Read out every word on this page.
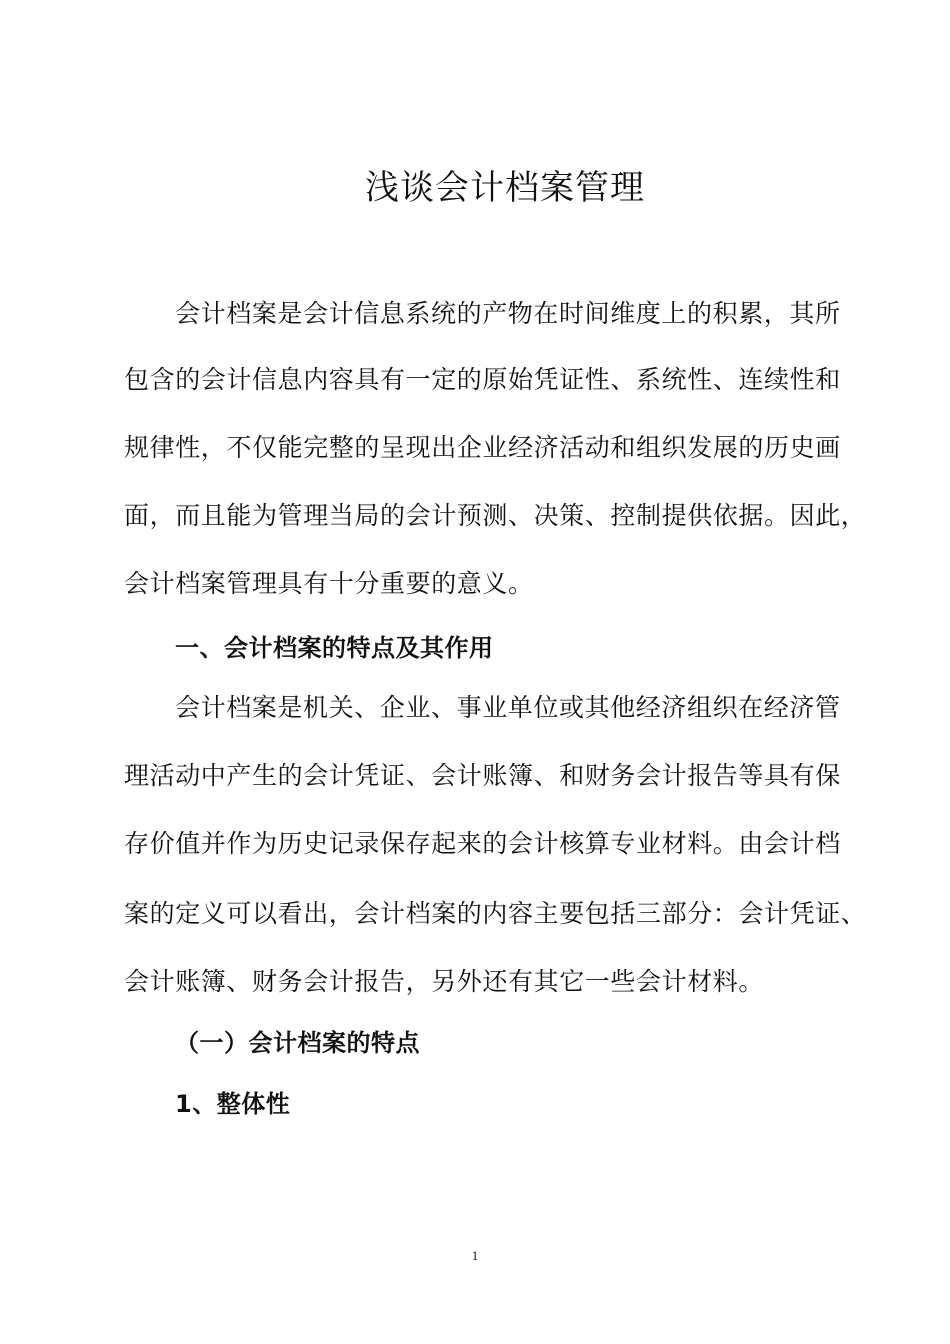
浅谈会计档案管理
会计档案是会计信息系统的产物在时间维度上的积累，其所
包含的会计信息内容具有一定的原始凭证性、系统性、连续性和
规律性，不仅能完整的呈现出企业经济活动和组织发展的历史画
面，而且能为管理当局的会计预测、决策、控制提供依据。因此，
会计档案管理具有十分重要的意义。
一、会计档案的特点及其作用
会计档案是机关、企业、事业单位或其他经济组织在经济管
理活动中产生的会计凭证、会计账簿、和财务会计报告等具有保
存价值并作为历史记录保存起来的会计核算专业材料。由会计档
案的定义可以看出，会计档案的内容主要包括三部分：会计凭证、
会计账簿、财务会计报告，另外还有其它一些会计材料。
（一）会计档案的特点
1、整体性
1
